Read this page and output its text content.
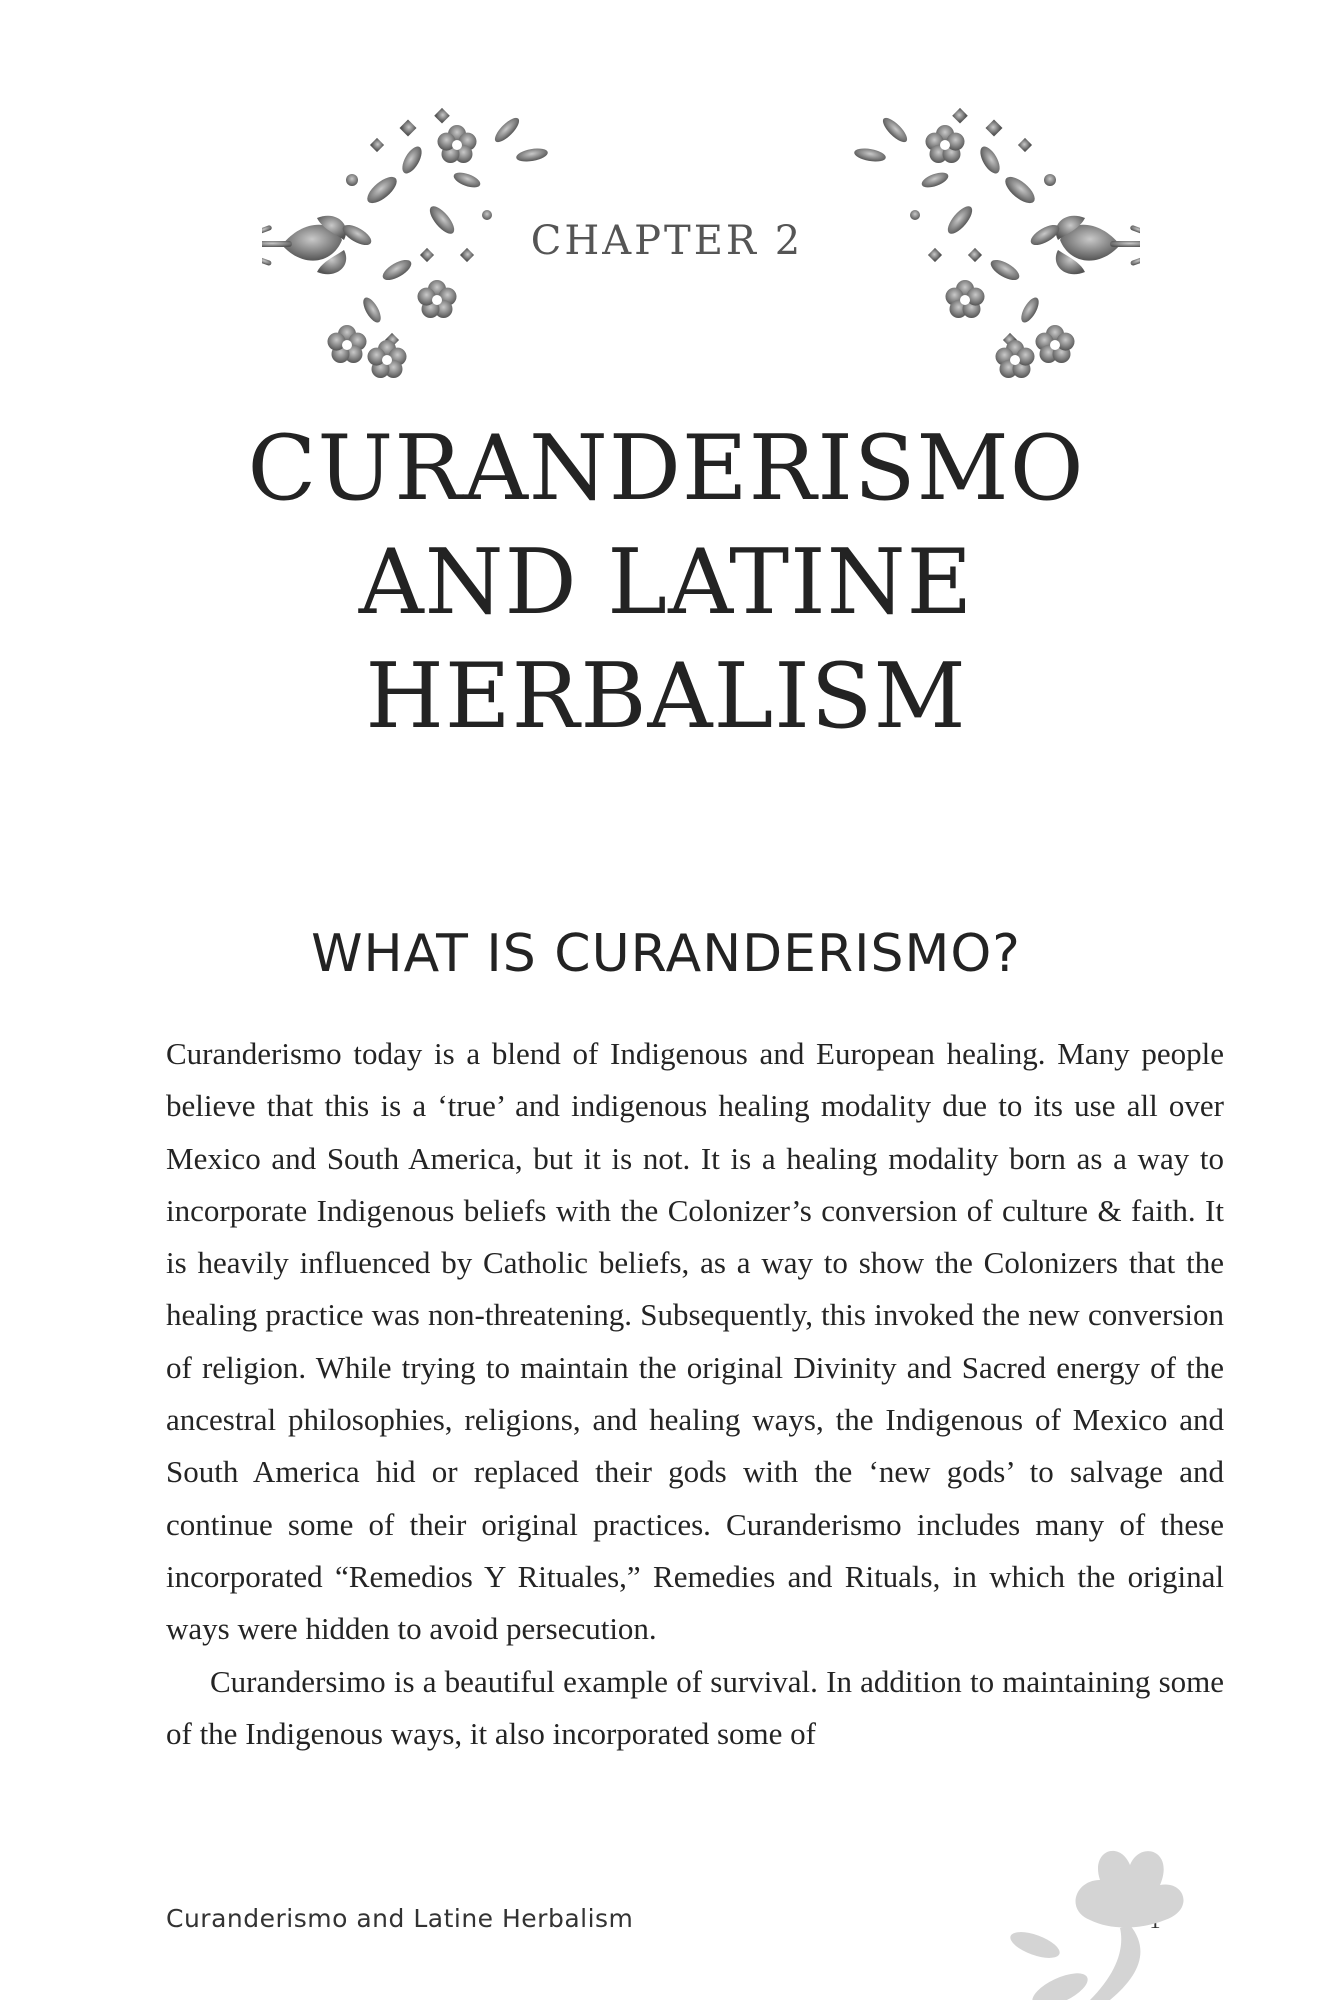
CHAPTER 2
CURANDERISMO
AND LATINE
HERBALISM
WHAT IS CURANDERISMO?

Curanderismo today is a blend of Indigenous and European healing. Many people believe that this is a ‘true’ and indigenous healing modality due to its use all over Mexico and South America, but it is not. It is a healing modality born as a way to incorporate Indigenous beliefs with the Colonizer’s conversion of culture & faith. It is heavily influenced by Catholic beliefs, as a way to show the Colonizers that the healing practice was non-threatening. Subsequently, this invoked the new conversion of religion. While trying to maintain the original Divinity and Sacred energy of the ancestral philosophies, religions, and healing ways, the Indigenous of Mexico and South America hid or replaced their gods with the ‘new gods’ to salvage and continue some of their original practices. Curanderismo includes many of these incorporated “Remedios Y Rituales,” Remedies and Rituals, in which the original ways were hidden to avoid persecution.

Curandersimo is a beautiful example of survival. In addition to maintaining some of the Indigenous ways, it also incorporated some of

Curanderismo and Latine Herbalism
